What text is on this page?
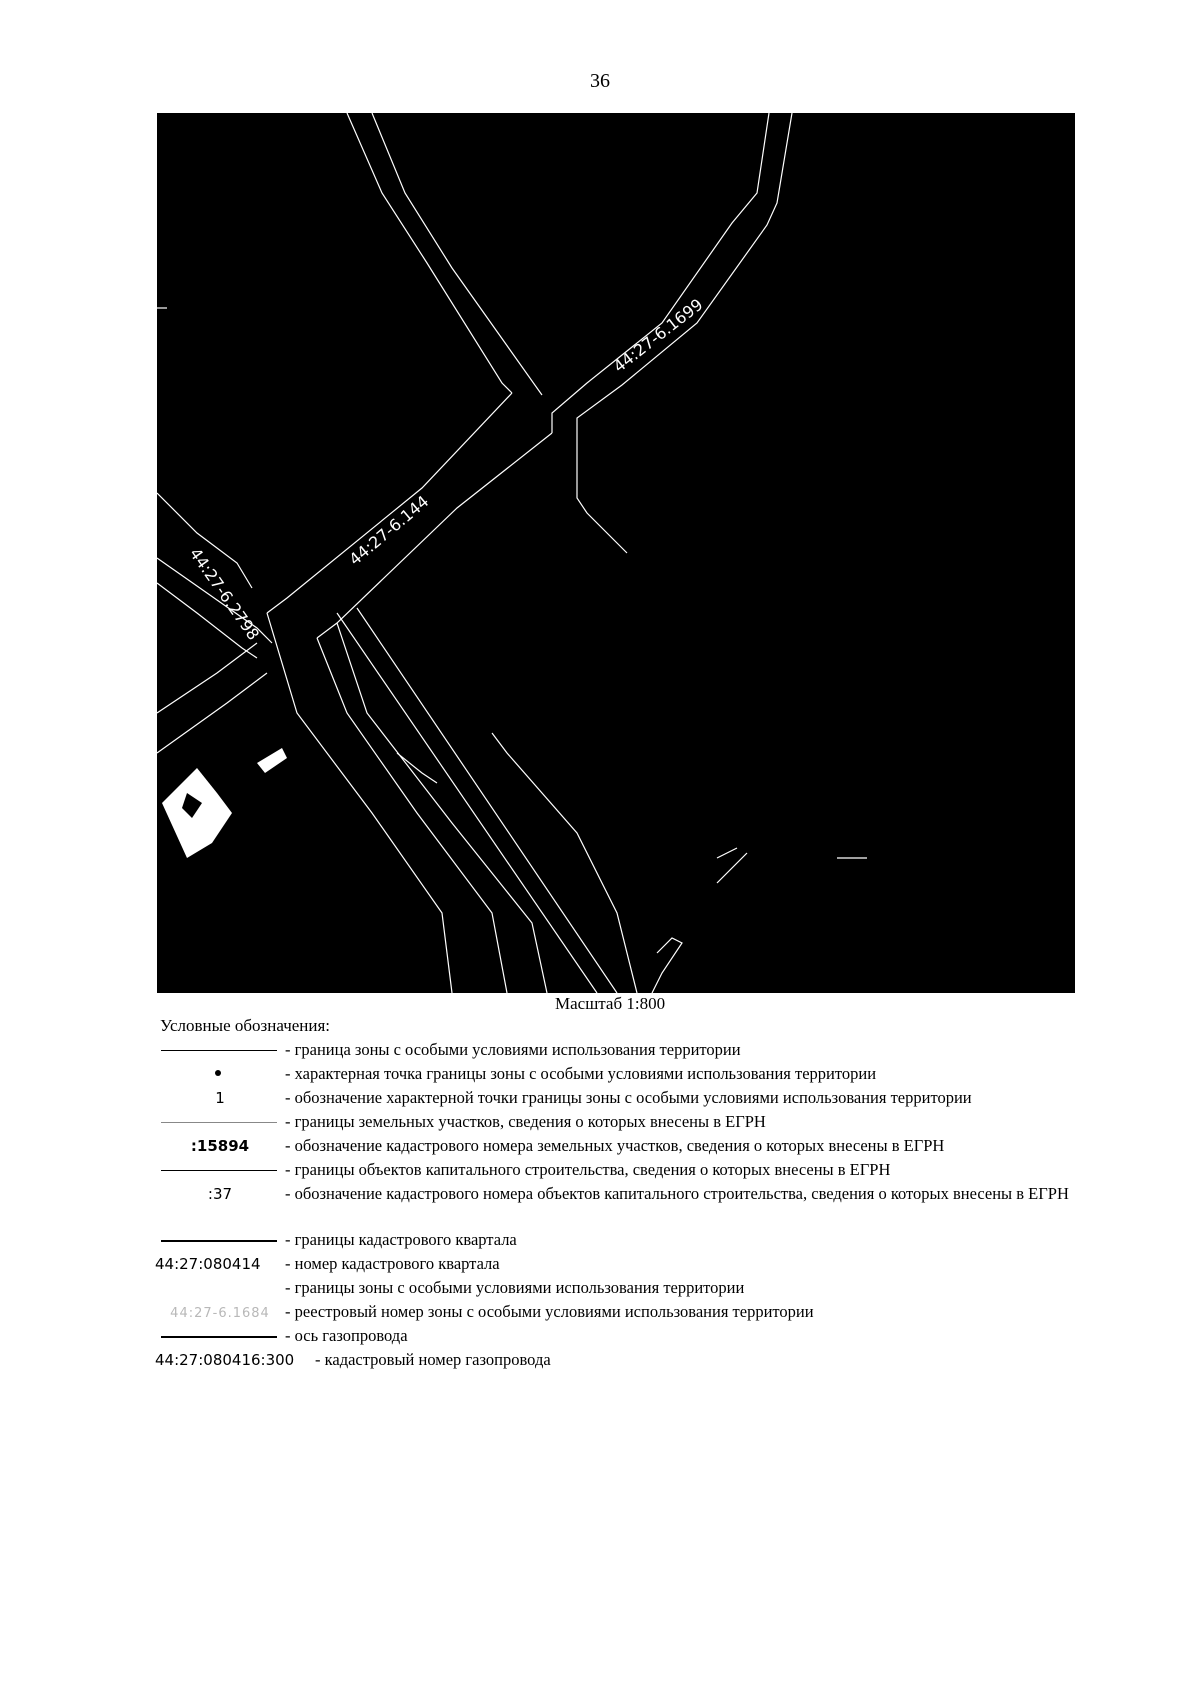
36
44:27-6.1699
44:27-6.144
44:27-6.2798
12
Масштаб 1:800
Условные обозначения:
- граница зоны с особыми условиями использования территории
- характерная точка границы зоны с особыми условиями использования территории
1	- обозначение характерной точки границы зоны с особыми условиями использования территории
- границы земельных участков, сведения о которых внесены в ЕГРН
:15894	- обозначение кадастрового номера земельных участков, сведения о которых внесены в ЕГРН
- границы объектов капитального строительства, сведения о которых внесены в ЕГРН
:37	- обозначение кадастрового номера объектов капитального строительства, сведения о которых внесены в ЕГРН
- границы кадастрового квартала
44:27:080414	- номер кадастрового квартала
- границы зоны с особыми условиями использования территории
44:27-6.1684 - реестровый номер зоны с особыми условиями использования территории
- ось газопровода
44:27:080416:300	- кадастровый номер газопровода
